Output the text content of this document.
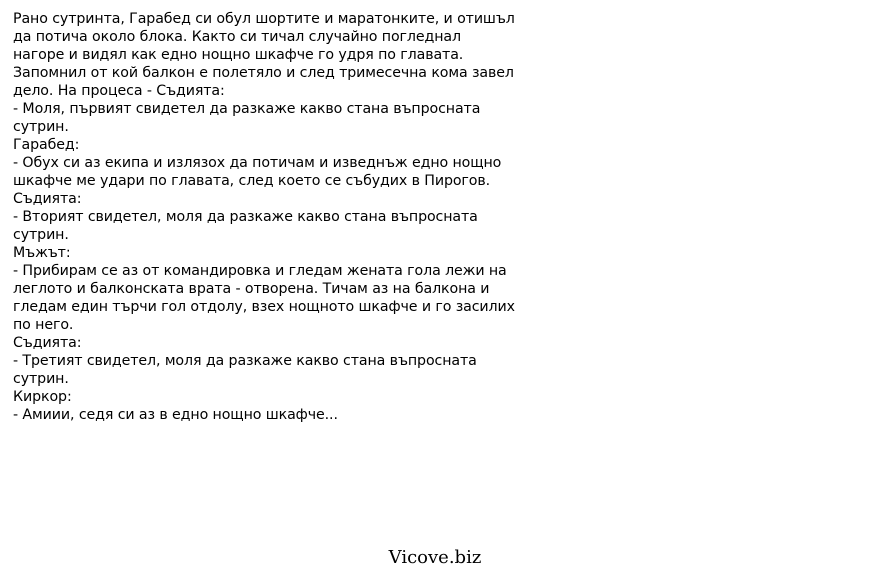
Рано сутринта, Гарабед си обул шортите и маратонките, и отишъл
да потича около блока. Както си тичал случайно погледнал
нагоре и видял как едно нощно шкафче го удря по главата.
Запомнил от кой балкон е полетяло и след тримесечна кома завел
дело. На процеса - Съдията:
- Моля, първият свидетел да разкаже какво стана въпросната
сутрин.
Гарабед:
- Обух си аз екипа и излязох да потичам и изведнъж едно нощно
шкафче ме удари по главата, след което се събудих в Пирогов.
Съдията:
- Вторият свидетел, моля да разкаже какво стана въпросната
сутрин.
Мъжът:
- Прибирам се аз от командировка и гледам жената гола лежи на
леглото и балконската врата - отворена. Тичам аз на балкона и
гледам един търчи гол отдолу, взех нощното шкафче и го засилих
по него.
Съдията:
- Третият свидетел, моля да разкаже какво стана въпросната
сутрин.
Киркор:
- Амиии, седя си аз в едно нощно шкафче...
Vicove.biz
